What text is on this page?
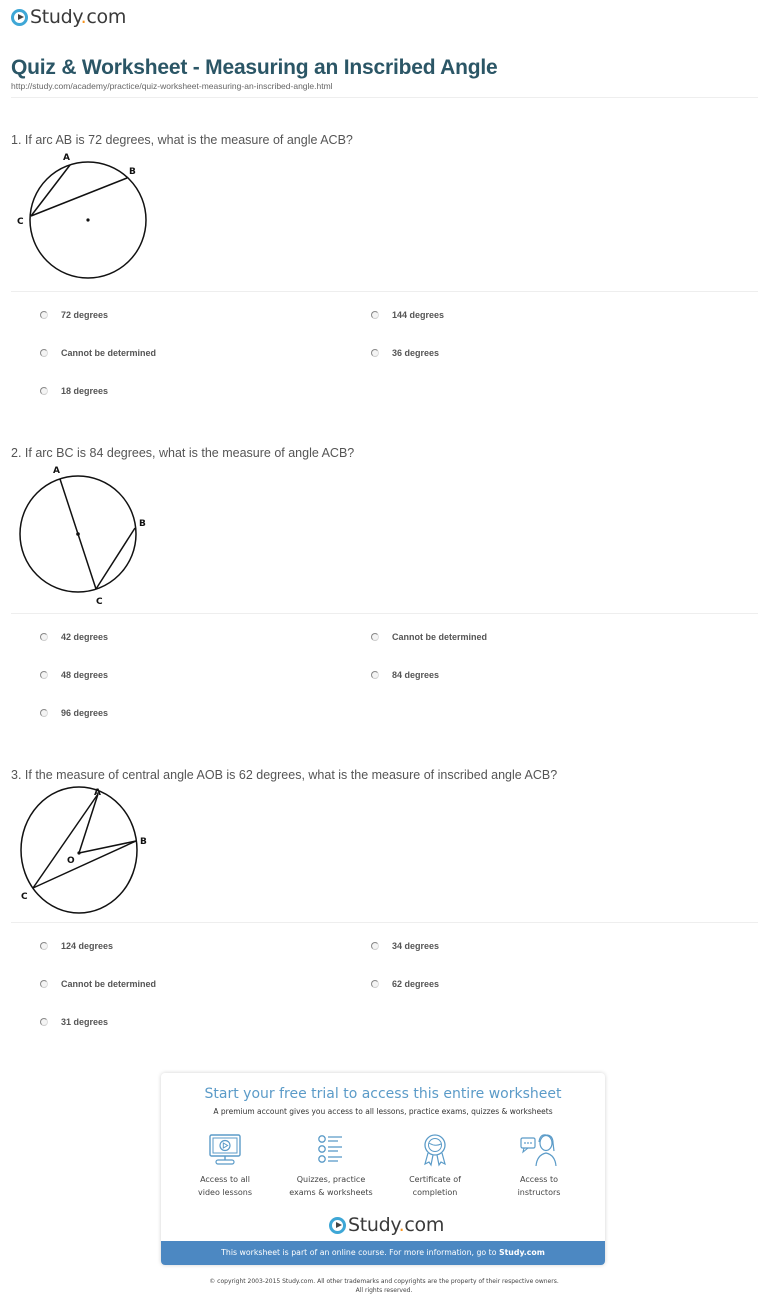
Study.com
Quiz & Worksheet - Measuring an Inscribed Angle
http://study.com/academy/practice/quiz-worksheet-measuring-an-inscribed-angle.html
1. If arc AB is 72 degrees, what is the measure of angle ACB?
A
B
C
72 degrees	144 degrees
Cannot be determined	36 degrees
18 degrees
2. If arc BC is 84 degrees, what is the measure of angle ACB?
A
B
C
42 degrees	Cannot be determined
48 degrees	84 degrees
96 degrees
3. If the measure of central angle AOB is 62 degrees, what is the measure of inscribed angle ACB?
A
B
O
C
124 degrees	34 degrees
Cannot be determined	62 degrees
31 degrees
Start your free trial to access this entire worksheet
A premium account gives you access to all lessons, practice exams, quizzes & worksheets
Access to all
video lessons
Quizzes, practice
exams & worksheets
Certificate of
completion
Access to
instructors
Study.com
This worksheet is part of an online course. For more information, go to Study.com
© copyright 2003-2015 Study.com. All other trademarks and copyrights are the property of their respective owners.
All rights reserved.
